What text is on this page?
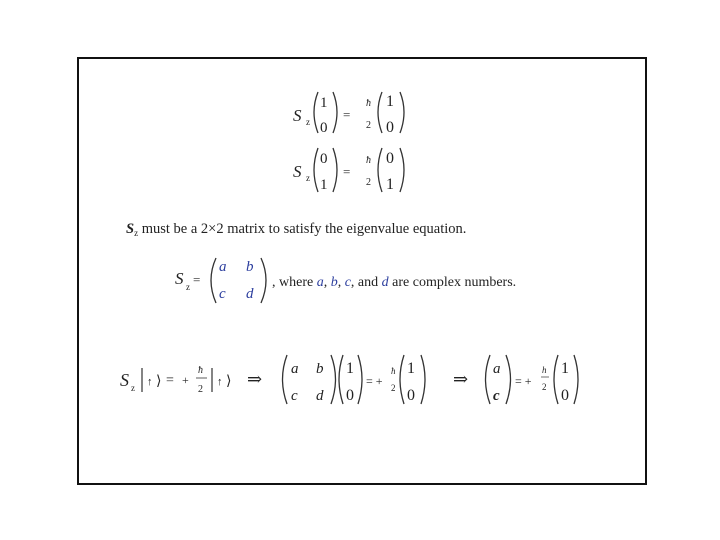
S z
1
0
=
ħ
2
1
0
S z
0
1
=
ħ
2
0
1
$S_z$ must be a 2×2 matrix to satisfy the eigenvalue equation.
S z =
a b
c d
, where a, b, c, and d are complex numbers.
S z ↑ ⟩ = +
ħ
2
↑ ⟩ ⇒ a b
c d
1
0
= +
ħ
2
1
0
⇒ a
c
= +
h
2
1
0
